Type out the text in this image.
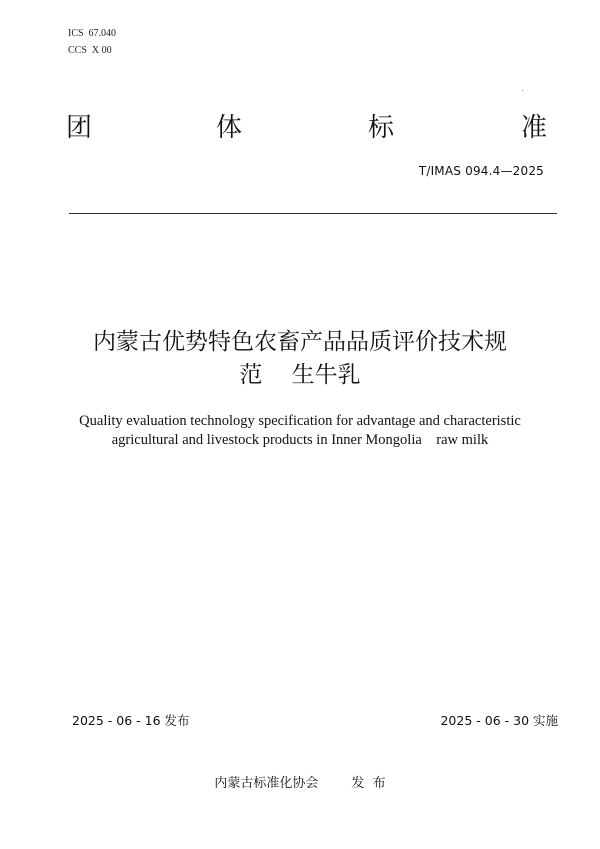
ICS  67.040
CCS  X 00
团	体	标	准
T/IMAS 094.4—2025
内蒙古优势特色农畜产品品质评价技术规
范    生牛乳
Quality evaluation technology specification for advantage and characteristic
agricultural and livestock products in Inner Mongolia    raw milk
2025 - 06 - 16 发布	2025 - 06 - 30 实施
内蒙古标准化协会        发  布
